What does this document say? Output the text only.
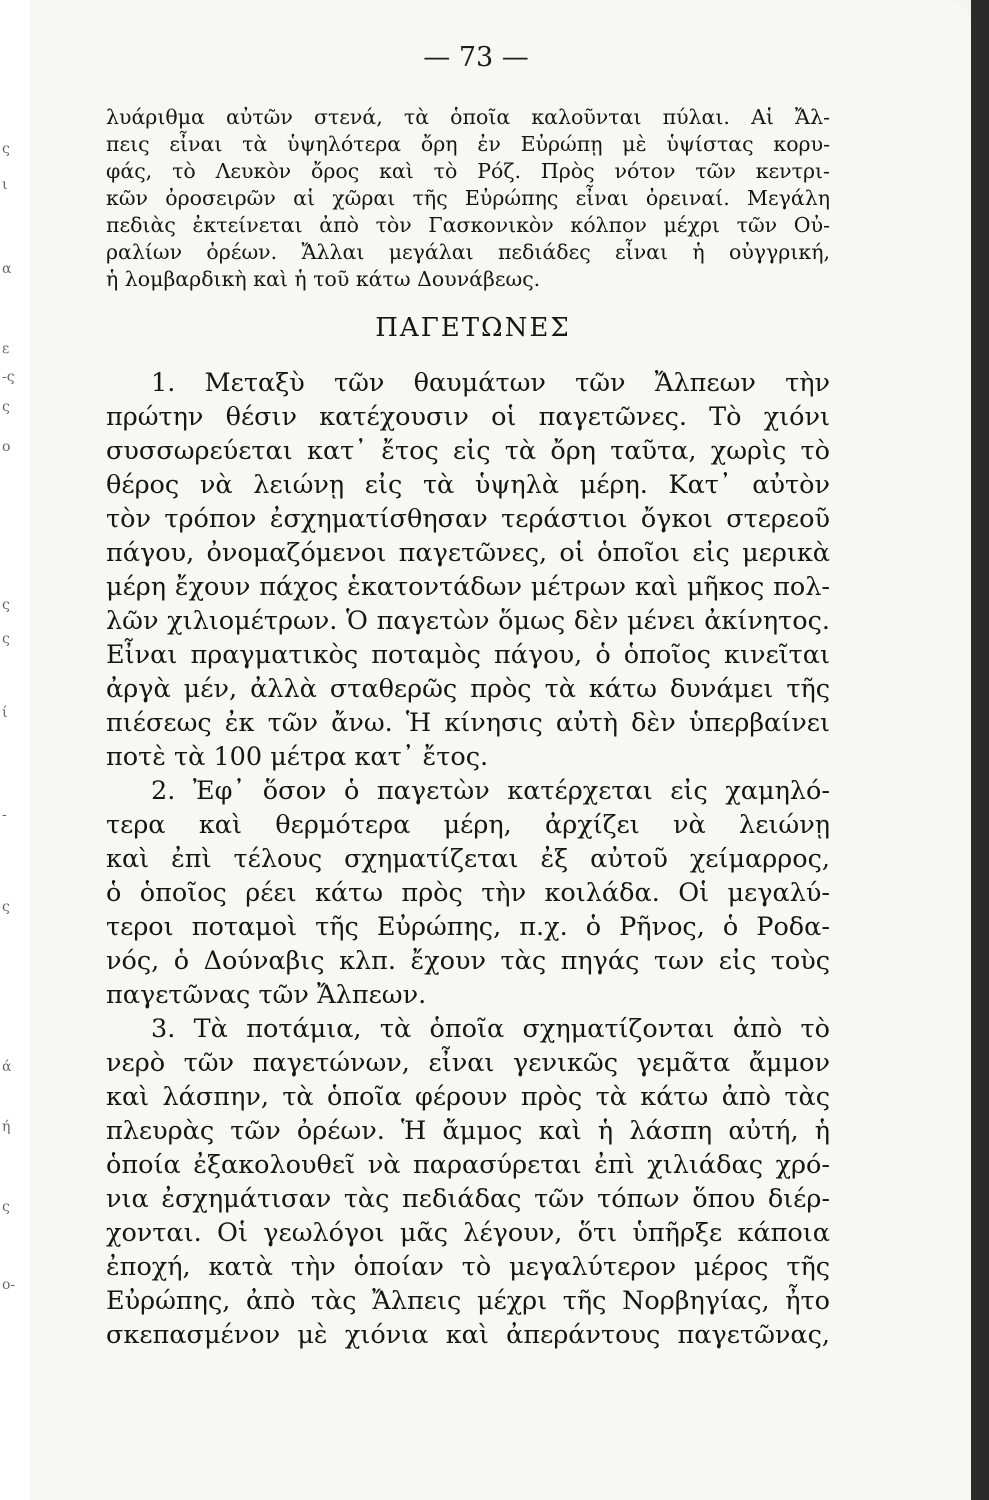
ς
ι
α
ε
-ς
ς
ο
ς
ς
ί
-
ς
ά
ή
ς
ο-
— 73 —
λυάριθμα αὐτῶν στενά, τὰ ὁποῖα καλοῦνται πύλαι. Αἱ Ἄλ-
πεις εἶναι τὰ ὑψηλότερα ὄρη ἐν Εὐρώπῃ μὲ ὑψίστας κορυ-
φάς, τὸ Λευκὸν ὄρος καὶ τὸ Ρόζ. Πρὸς νότον τῶν κεντρι-
κῶν ὀροσειρῶν αἱ χῶραι τῆς Εὐρώπης εἶναι ὀρειναί. Μεγάλη
πεδιὰς ἐκτείνεται ἀπὸ τὸν Γασκονικὸν κόλπον μέχρι τῶν Οὐ-
ραλίων ὀρέων. Ἄλλαι μεγάλαι πεδιάδες εἶναι ἡ οὐγγρική,
ἡ λομβαρδικὴ καὶ ἡ τοῦ κάτω Δουνάβεως.
ΠΑΓΕΤΩΝΕΣ
1. Μεταξὺ τῶν θαυμάτων τῶν Ἄλπεων τὴν
πρώτην θέσιν κατέχουσιν οἱ παγετῶνες. Τὸ χιόνι
συσσωρεύεται κατ᾽ ἔτος εἰς τὰ ὄρη ταῦτα, χωρὶς τὸ
θέρος νὰ λειώνῃ εἰς τὰ ὑψηλὰ μέρη. Κατ᾽ αὐτὸν
τὸν τρόπον ἐσχηματίσθησαν τεράστιοι ὄγκοι στερεοῦ
πάγου, ὀνομαζόμενοι παγετῶνες, οἱ ὁποῖοι εἰς μερικὰ
μέρη ἔχουν πάχος ἑκατοντάδων μέτρων καὶ μῆκος πολ-
λῶν χιλιομέτρων. Ὁ παγετὼν ὅμως δὲν μένει ἀκίνητος.
Εἶναι πραγματικὸς ποταμὸς πάγου, ὁ ὁποῖος κινεῖται
ἀργὰ μέν, ἀλλὰ σταθερῶς πρὸς τὰ κάτω δυνάμει τῆς
πιέσεως ἐκ τῶν ἄνω. Ἡ κίνησις αὐτὴ δὲν ὑπερβαίνει
ποτὲ τὰ 100 μέτρα κατ᾽ ἔτος.
2. Ἐφ᾽ ὅσον ὁ παγετὼν κατέρχεται εἰς χαμηλό-
τερα καὶ θερμότερα μέρη, ἀρχίζει νὰ λειώνῃ
καὶ ἐπὶ τέλους σχηματίζεται ἐξ αὐτοῦ χείμαρρος,
ὁ ὁποῖος ρέει κάτω πρὸς τὴν κοιλάδα. Οἱ μεγαλύ-
τεροι ποταμοὶ τῆς Εὐρώπης, π.χ. ὁ Ρῆνος, ὁ Ροδα-
νός, ὁ Δούναβις κλπ. ἔχουν τὰς πηγάς των εἰς τοὺς
παγετῶνας τῶν Ἄλπεων.
3. Τὰ ποτάμια, τὰ ὁποῖα σχηματίζονται ἀπὸ τὸ
νερὸ τῶν παγετώνων, εἶναι γενικῶς γεμᾶτα ἄμμον
καὶ λάσπην, τὰ ὁποῖα φέρουν πρὸς τὰ κάτω ἀπὸ τὰς
πλευρὰς τῶν ὀρέων. Ἡ ἄμμος καὶ ἡ λάσπη αὐτή, ἡ
ὁποία ἐξακολουθεῖ νὰ παρασύρεται ἐπὶ χιλιάδας χρό-
νια ἐσχημάτισαν τὰς πεδιάδας τῶν τόπων ὅπου διέρ-
χονται. Οἱ γεωλόγοι μᾶς λέγουν, ὅτι ὑπῆρξε κάποια
ἐποχή, κατὰ τὴν ὁποίαν τὸ μεγαλύτερον μέρος τῆς
Εὐρώπης, ἀπὸ τὰς Ἄλπεις μέχρι τῆς Νορβηγίας, ἦτο
σκεπασμένον μὲ χιόνια καὶ ἀπεράντους παγετῶνας,
